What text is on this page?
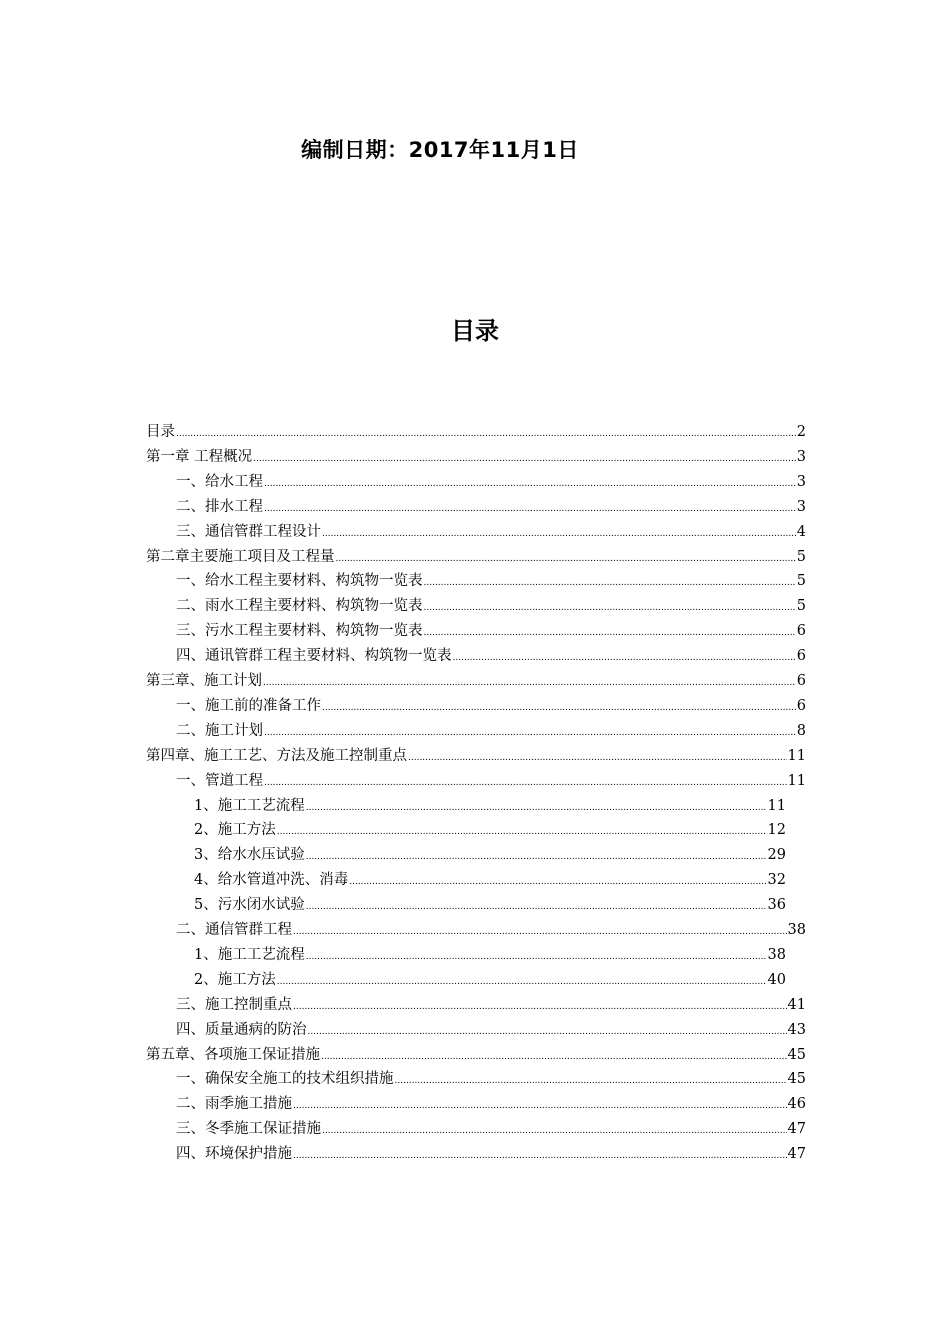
编制日期：2017年11月1日
目录
目录 .....	2
第一章 工程概况 .....	3
一、给水工程 .....	3
二、排水工程 .....	3
三、通信管群工程设计 .....	4
第二章主要施工项目及工程量 .....	5
一、给水工程主要材料、构筑物一览表 .....	5
二、雨水工程主要材料、构筑物一览表 .....	5
三、污水工程主要材料、构筑物一览表 .....	6
四、通讯管群工程主要材料、构筑物一览表 .....	6
第三章、施工计划 .....	6
一、施工前的准备工作 .....	6
二、施工计划 .....	8
第四章、施工工艺、方法及施工控制重点 .....	11
一、管道工程 .....	11
1、施工工艺流程 .....	11
2、施工方法 .....	12
3、给水水压试验 .....	29
4、给水管道冲洗、消毒 .....	32
5、污水闭水试验 .....	36
二、通信管群工程 .....	38
1、施工工艺流程 .....	38
2、施工方法 .....	40
三、施工控制重点 .....	41
四、质量通病的防治 .....	43
第五章、各项施工保证措施 .....	45
一、确保安全施工的技术组织措施 .....	45
二、雨季施工措施 .....	46
三、冬季施工保证措施 .....	47
四、环境保护措施 .....	47
